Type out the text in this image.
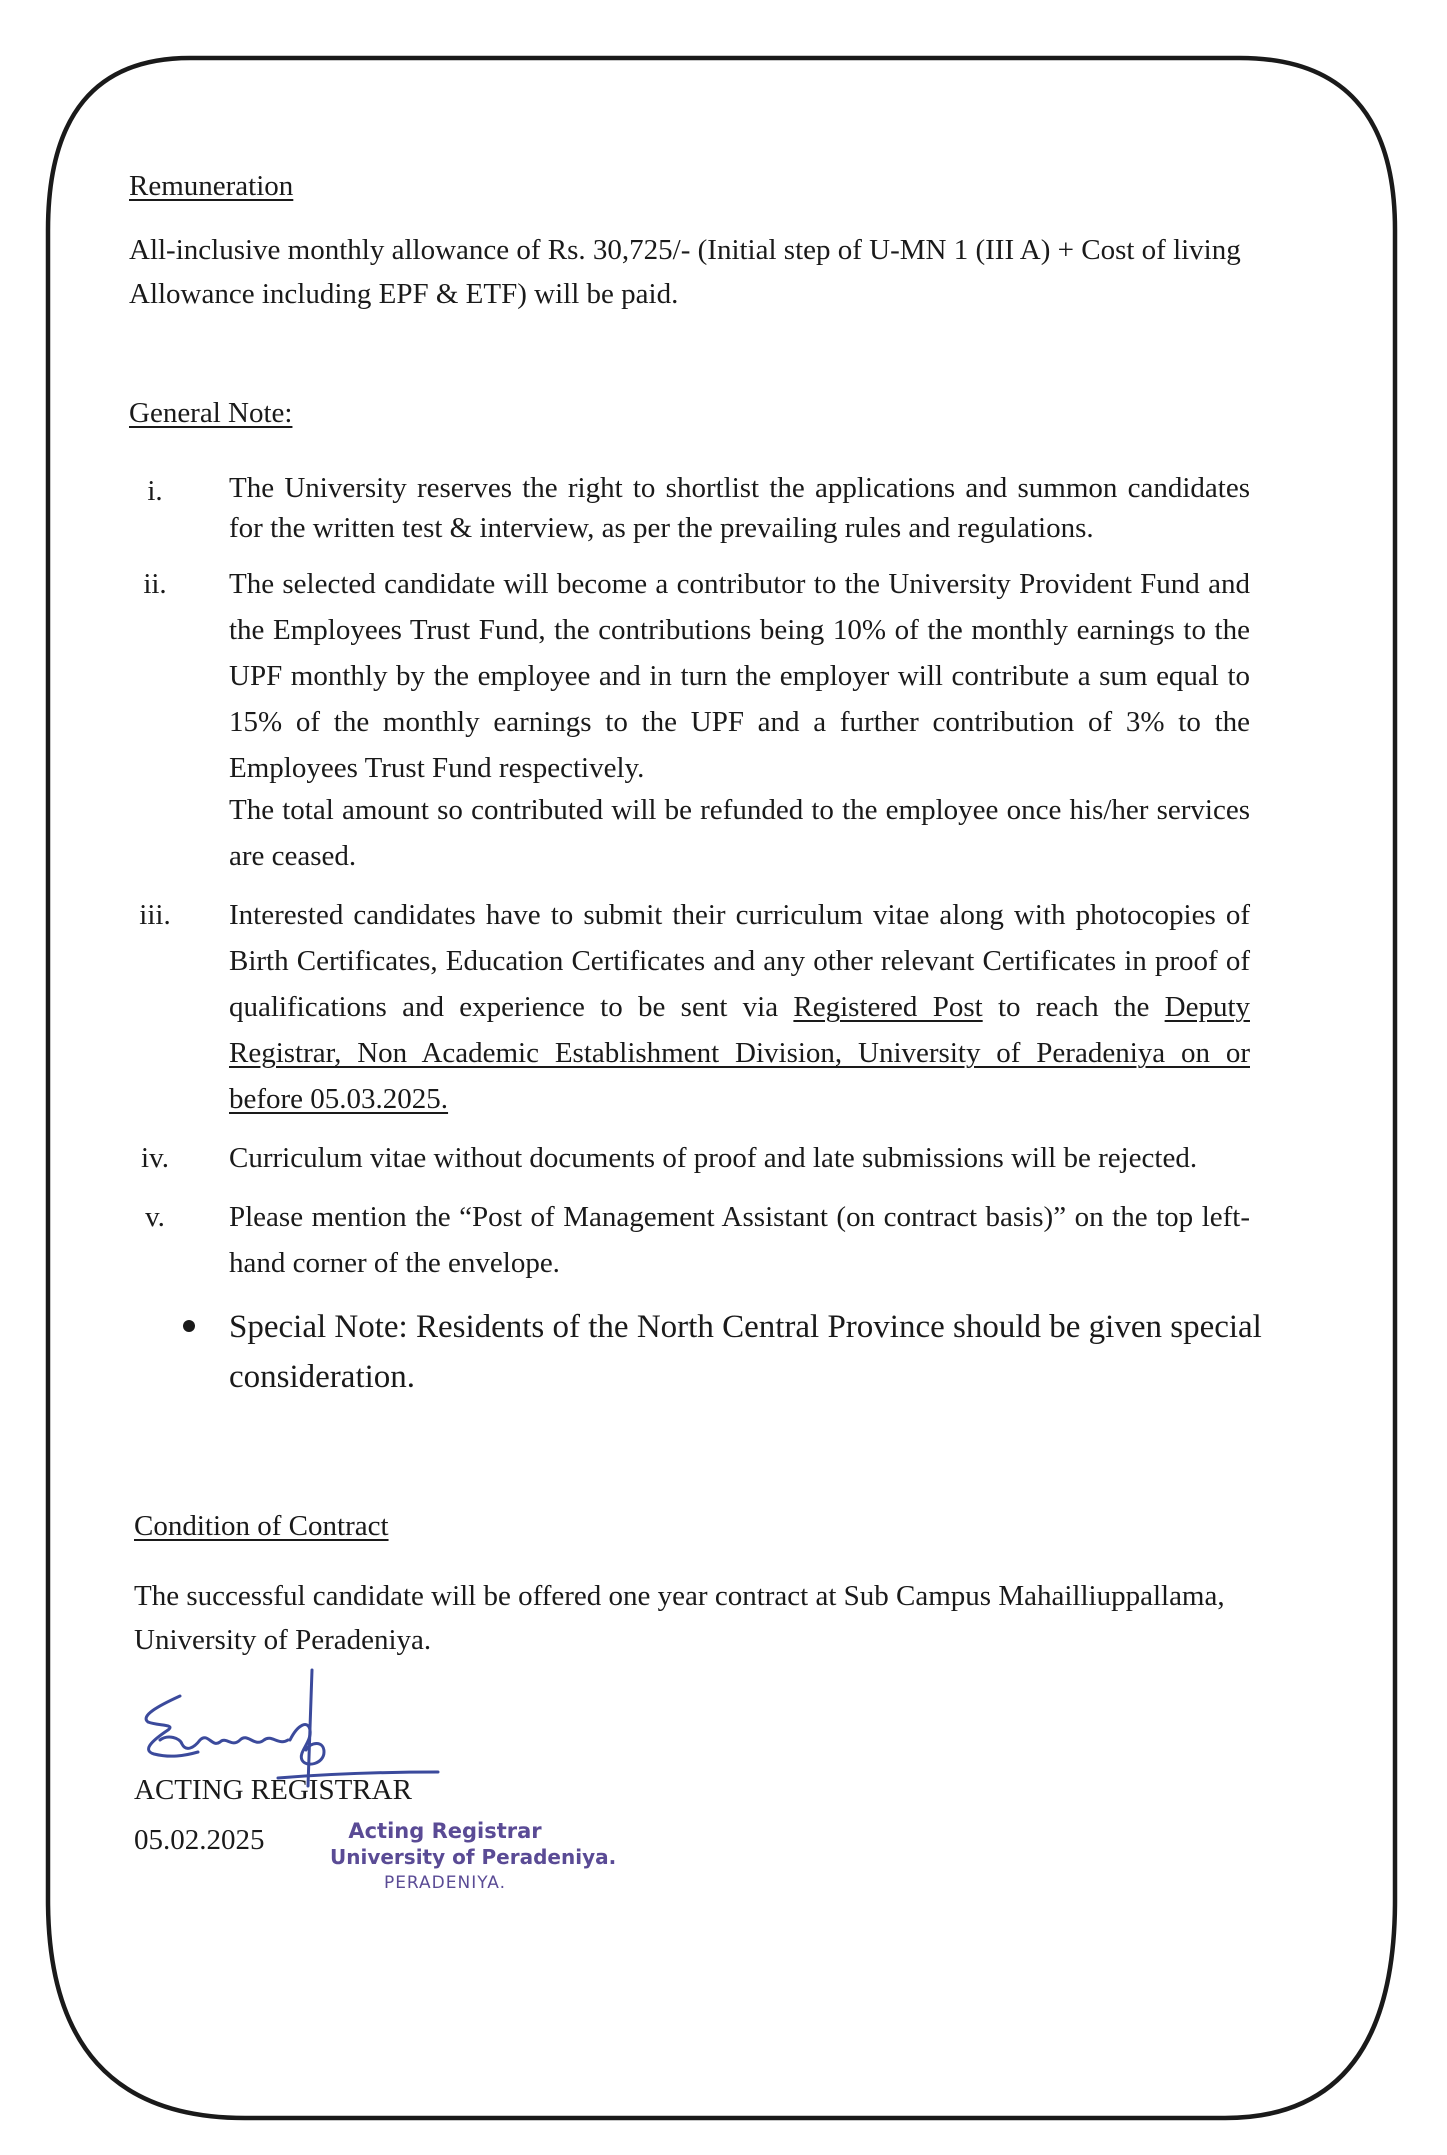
Remuneration

All-inclusive monthly allowance of Rs. 30,725/- (Initial step of U-MN 1 (III A) + Cost of living
Allowance including EPF & ETF) will be paid.

General Note:
i.	The University reserves the right to shortlist the applications and summon candidates for the written test & interview, as per the prevailing rules and regulations.

ii.	The selected candidate will become a contributor to the University Provident Fund and the Employees Trust Fund, the contributions being 10% of the monthly earnings to the UPF monthly by the employee and in turn the employer will contribute a sum equal to 15% of the monthly earnings to the UPF and a further contribution of 3% to the Employees Trust Fund respectively.

The total amount so contributed will be refunded to the employee once his/her services are ceased.

iii.	Interested candidates have to submit their curriculum vitae along with photocopies of Birth Certificates, Education Certificates and any other relevant Certificates in proof of qualifications and experience to be sent via Registered Post to reach the Deputy Registrar, Non Academic Establishment Division, University of Peradeniya on or before 05.03.2025.

iv.	Curriculum vitae without documents of proof and late submissions will be rejected.

v.	Please mention the “Post of Management Assistant (on contract basis)” on the top left-hand corner of the envelope.

Special Note: Residents of the North Central Province should be given special consideration.

Condition of Contract

The successful candidate will be offered one year contract at Sub Campus Mahailliuppallama,
University of Peradeniya.

ACTING REGISTRAR
05.02.2025	Acting Registrar
University of Peradeniya.
PERADENIYA.
